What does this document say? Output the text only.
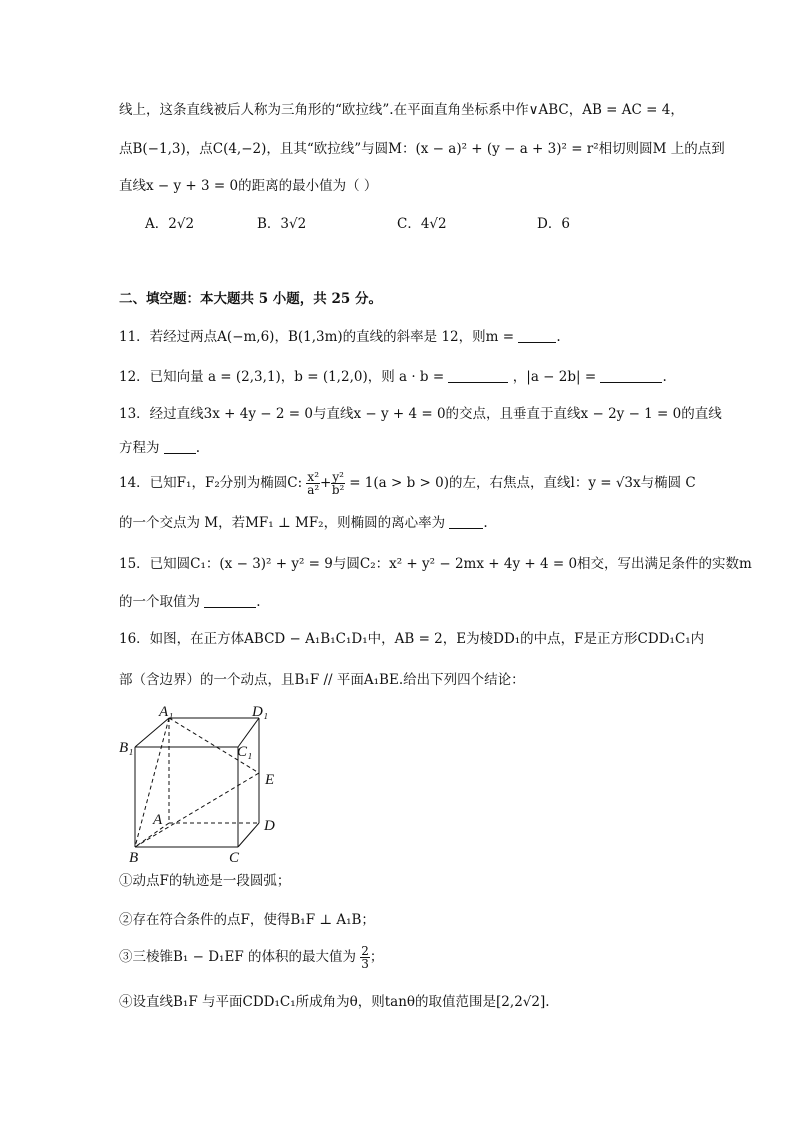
线上，这条直线被后人称为三角形的“欧拉线”.在平面直角坐标系中作∨ABC，AB = AC = 4，
点B(−1,3)，点C(4,−2)，且其“欧拉线”与圆M：(x − a)² + (y − a + 3)² = r²相切则圆M 上的点到
直线x − y + 3 = 0的距离的最小值为（ ）
A．2√2	B．3√2	C．4√2	D．6
二、填空题：本大题共 5 小题，共 25 分。
11．若经过两点A(−m,6)，B(1,3m)的直线的斜率是 12，则m =	.
12．已知向量 a = (2,3,1)，b = (1,2,0)，则 a · b =	，|a − 2b| =	.
13．经过直线3x + 4y − 2 = 0与直线x − y + 4 = 0的交点，且垂直于直线x − 2y − 1 = 0的直线
方程为	.
14．已知F₁，F₂分别为椭圆C: $\frac{\text{x²}}{\text{a²}} + \frac{\text{y²}}{\text{b²}} = 1(a > b > 0)$的左，右焦点，直线l：y = √3x与椭圆 C
的一个交点为 M，若MF₁ ⊥ MF₂，则椭圆的离心率为	.
15．已知圆C₁：(x − 3)² + y² = 9与圆C₂：x² + y² − 2mx + 4y + 4 = 0相交，写出满足条件的实数m
的一个取值为	.
16．如图，在正方体ABCD − A₁B₁C₁D₁中，AB = 2，E为棱DD₁的中点，F是正方形CDD₁C₁内
部（含边界）的一个动点，且B₁F // 平面A₁BE.给出下列四个结论：
A₁	D₁
B₁	C₁
E
A	D
B	C
①动点F的轨迹是一段圆弧；
②存在符合条件的点F，使得B₁F ⊥ A₁B；
③三棱锥B₁ − D₁EF 的体积的最大值为 $\frac{2}{3}$ ；
④设直线B₁F 与平面CDD₁C₁所成角为θ，则tanθ的取值范围是[2,2√2].
